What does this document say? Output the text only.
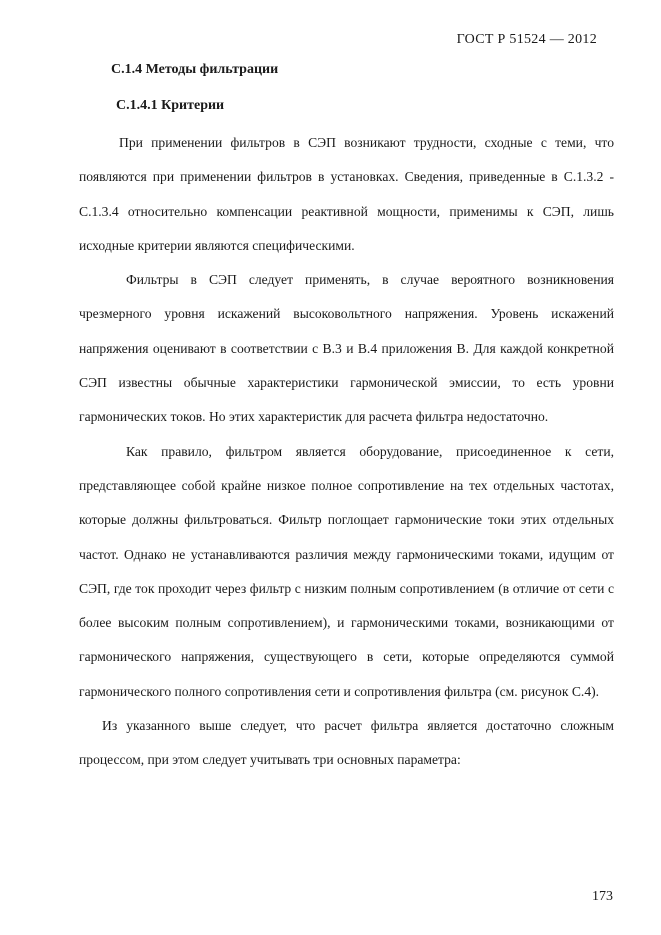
ГОСТ Р 51524 — 2012
С.1.4 Методы фильтрации
С.1.4.1 Критерии

При применении фильтров в СЭП возникают трудности, сходные с теми, что появляются при применении фильтров в установках. Сведения, приведенные в С.1.3.2 - С.1.3.4 относительно компенсации реактивной мощности, применимы к СЭП, лишь исходные критерии являются специфическими.

Фильтры в СЭП следует применять, в случае вероятного возникновения чрезмерного уровня искажений высоковольтного напряжения. Уровень искажений напряжения оценивают в соответствии с В.3 и В.4 приложения В. Для каждой конкретной СЭП известны обычные характеристики гармонической эмиссии, то есть уровни гармонических токов. Но этих характеристик для расчета фильтра недостаточно.

Как правило, фильтром является оборудование, присоединенное к сети, представляющее собой крайне низкое полное сопротивление на тех отдельных частотах, которые должны фильтроваться. Фильтр поглощает гармонические токи этих отдельных частот. Однако не устанавливаются различия между гармоническими токами, идущим от СЭП, где ток проходит через фильтр с низким полным сопротивлением (в отличие от сети с более высоким полным сопротивлением), и гармоническими токами, возникающими от гармонического напряжения, существующего в сети, которые определяются суммой гармонического полного сопротивления сети и сопротивления фильтра (см. рисунок С.4).

Из указанного выше следует, что расчет фильтра является достаточно сложным процессом, при этом следует учитывать три основных параметра:

173
